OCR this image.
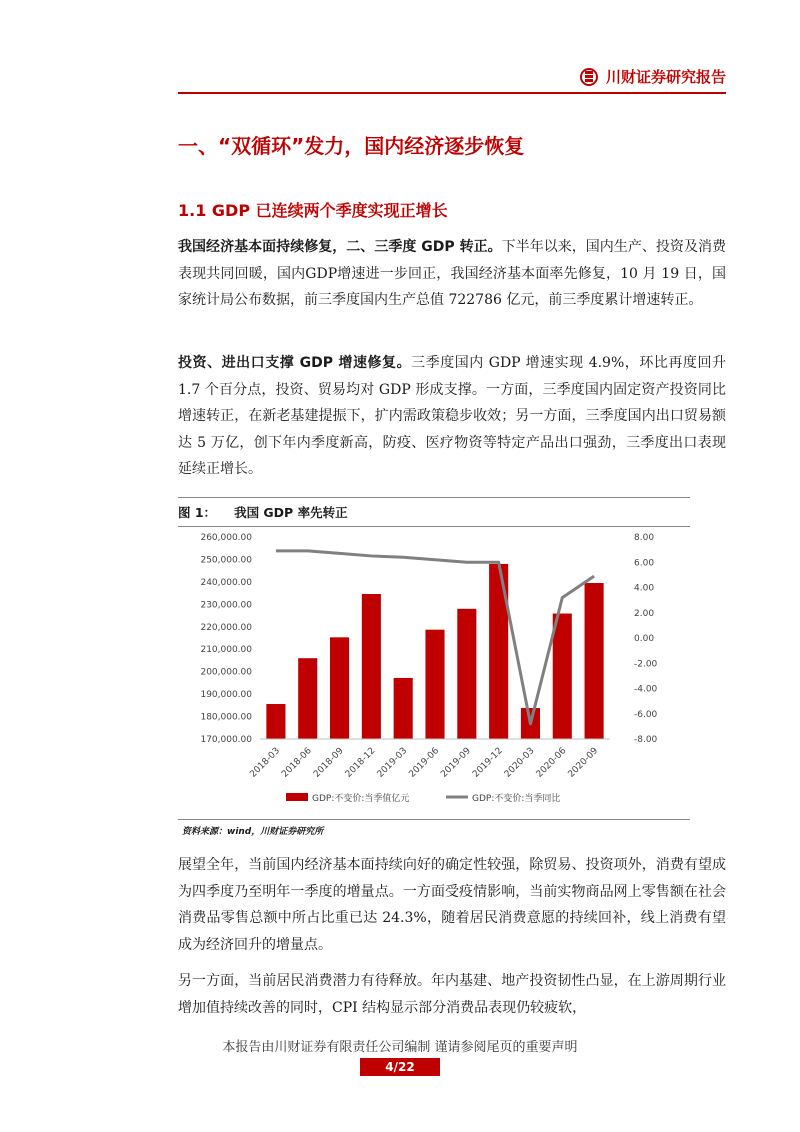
川财证券研究报告
一、“双循环”发力，国内经济逐步恢复
1.1 GDP 已连续两个季度实现正增长

我国经济基本面持续修复，二、三季度 GDP 转正。下半年以来，国内生产、投资及消费表现共同回暖，国内GDP增速进一步回正，我国经济基本面率先修复，10 月 19 日，国家统计局公布数据，前三季度国内生产总值 722786 亿元，前三季度累计增速转正。

投资、进出口支撑 GDP 增速修复。三季度国内 GDP 增速实现 4.9%，环比再度回升 1.7 个百分点，投资、贸易均对 GDP 形成支撑。一方面，三季度国内固定资产投资同比增速转正，在新老基建提振下，扩内需政策稳步收效；另一方面，三季度国内出口贸易额达 5 万亿，创下年内季度新高，防疫、医疗物资等特定产品出口强劲，三季度出口表现延续正增长。

图 1： 我国 GDP 率先转正
260,000.00
250,000.00
240,000.00
230,000.00
220,000.00
210,000.00
200,000.00
190,000.00
180,000.00
170,000.00
8.00
6.00
4.00
2.00
0.00
-2.00
-4.00
-6.00
-8.00
2018-03
2018-06
2018-09
2018-12
2019-03
2019-06
2019-09
2019-12
2020-03
2020-06
2020-09
GDP:不变价:当季值亿元	GDP:不变价:当季同比
资料来源：wind，川财证券研究所

展望全年，当前国内经济基本面持续向好的确定性较强，除贸易、投资项外，消费有望成为四季度乃至明年一季度的增量点。一方面受疫情影响，当前实物商品网上零售额在社会消费品零售总额中所占比重已达 24.3%，随着居民消费意愿的持续回补，线上消费有望成为经济回升的增量点。

另一方面，当前居民消费潜力有待释放。年内基建、地产投资韧性凸显，在上游周期行业增加值持续改善的同时，CPI 结构显示部分消费品表现仍较疲软，

本报告由川财证券有限责任公司编制 谨请参阅尾页的重要声明
4/22
